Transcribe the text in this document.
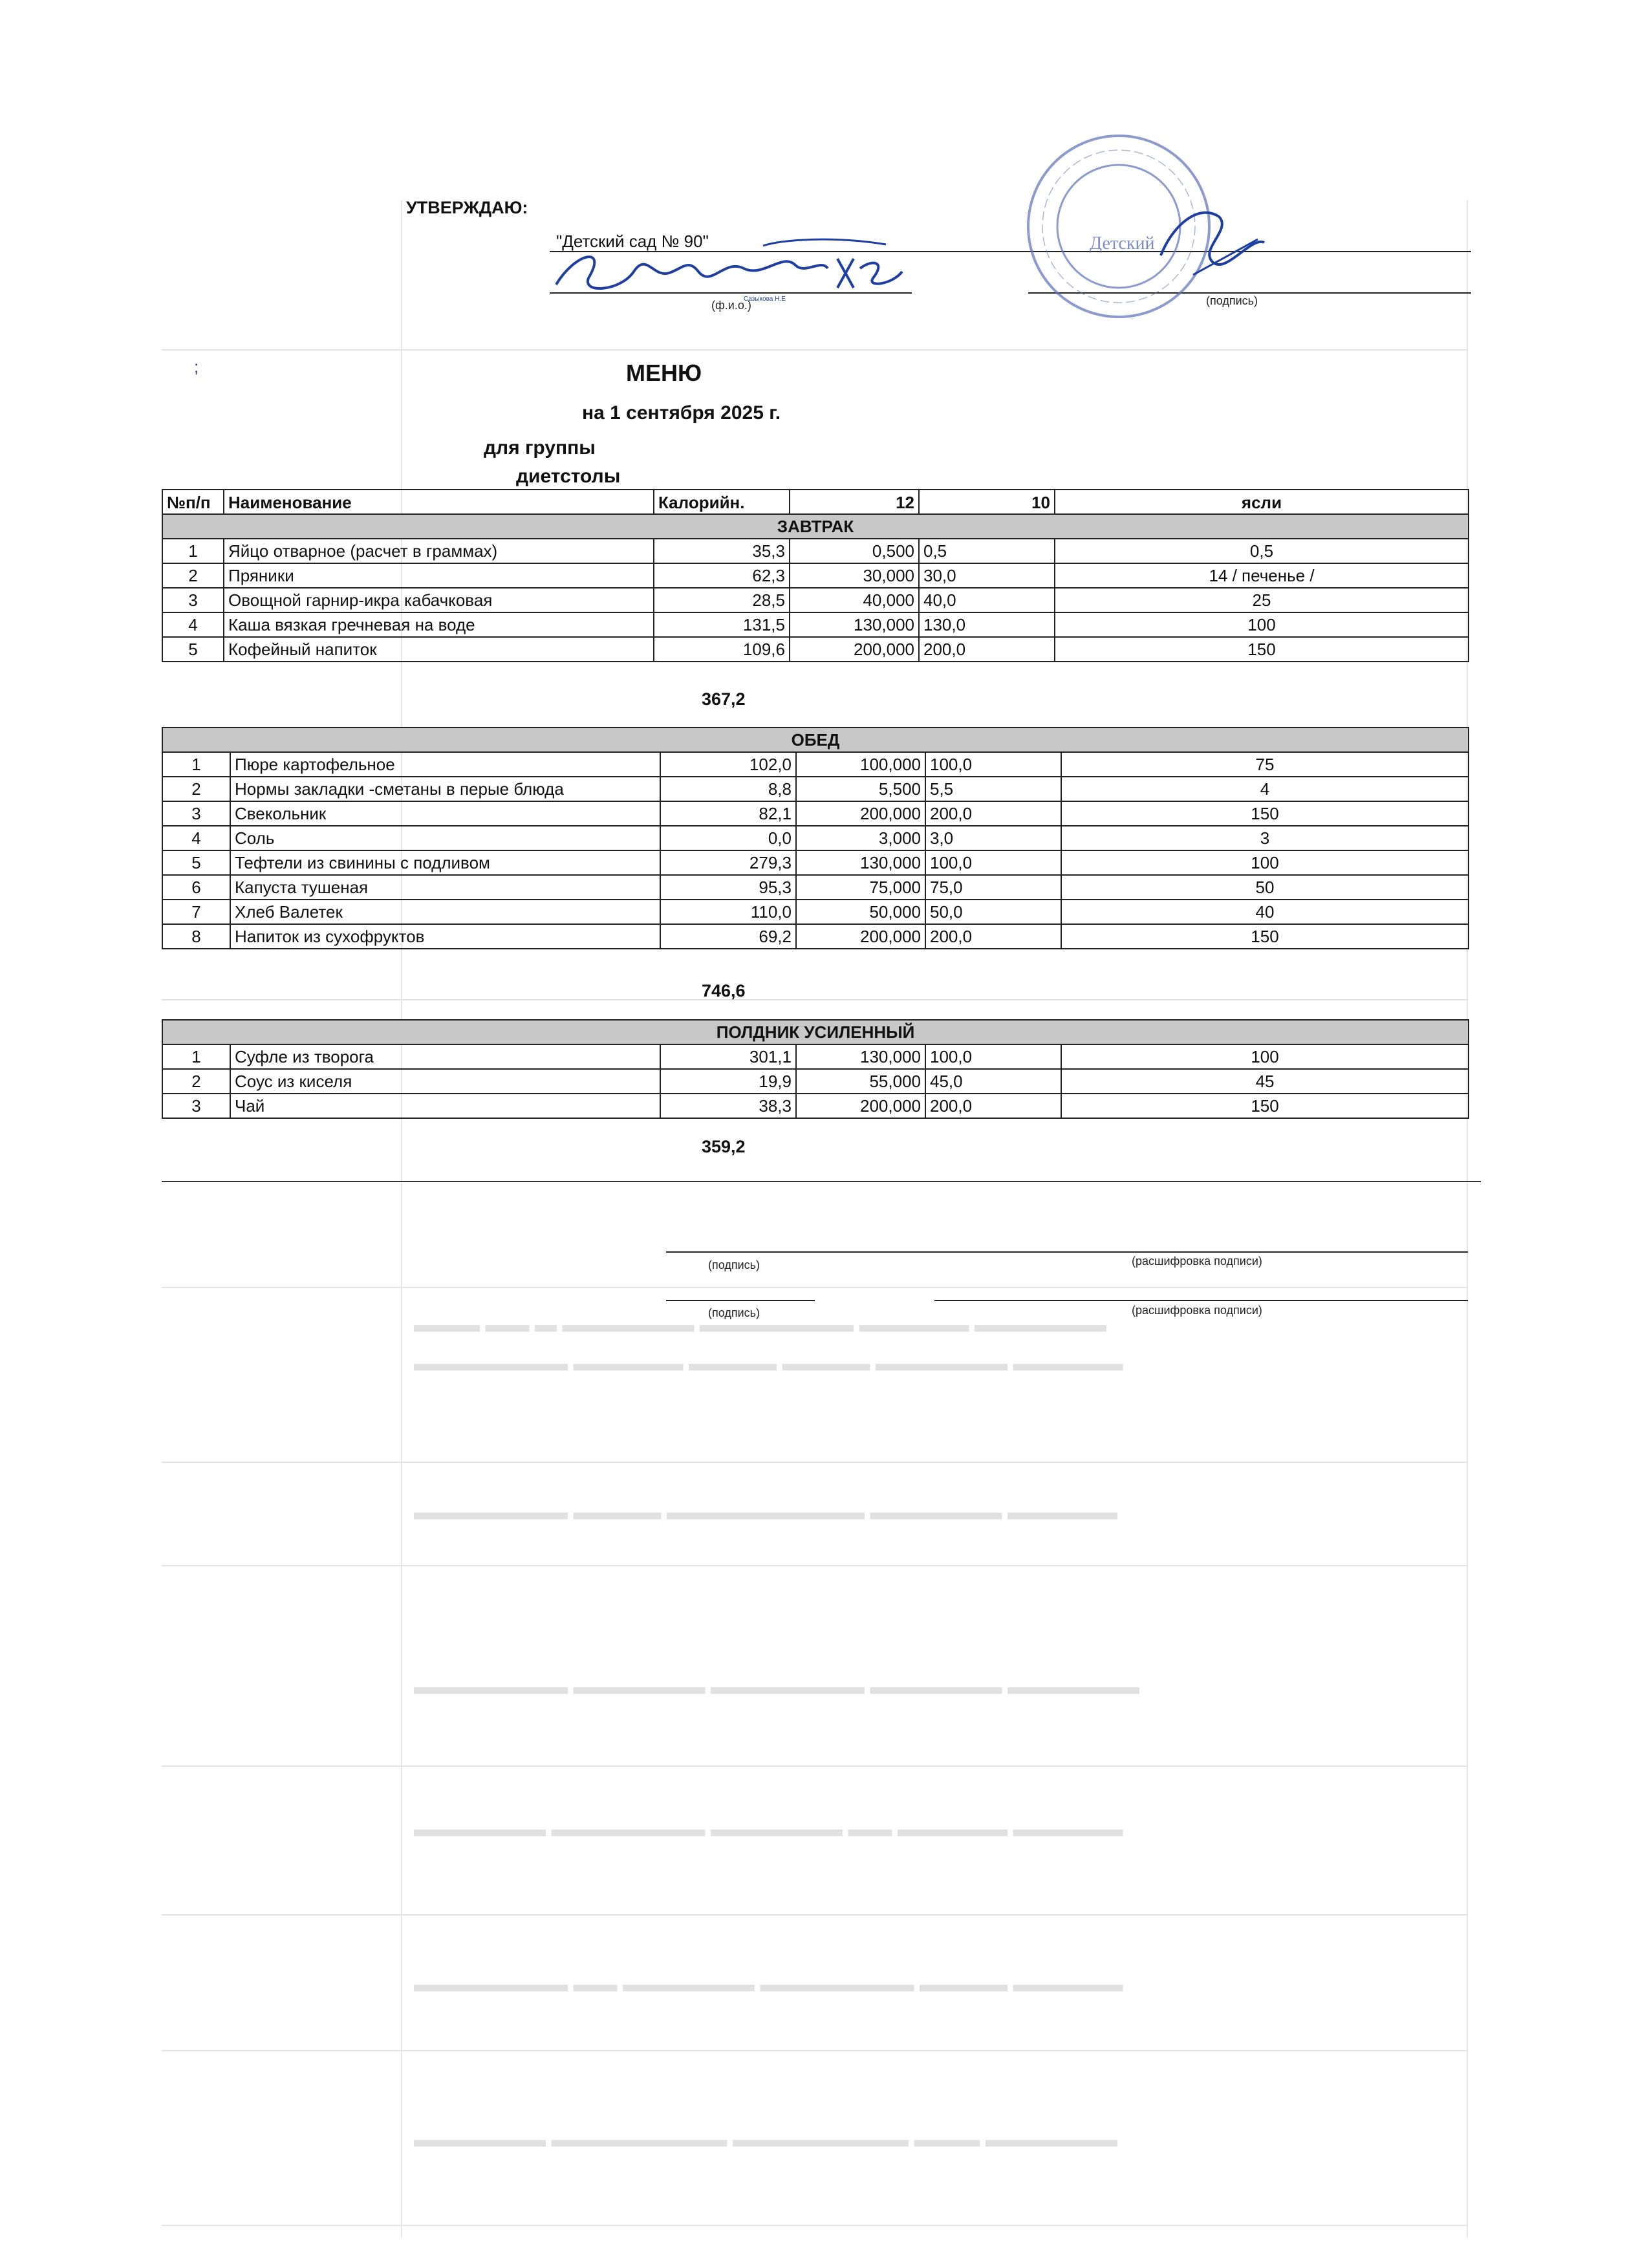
▬▬▬ ▬▬ ▬ ▬▬▬▬▬▬ ▬▬▬▬▬▬▬ ▬▬▬▬▬ ▬▬▬▬▬▬
▬▬▬▬▬▬▬ ▬▬▬▬▬ ▬▬▬▬ ▬▬▬▬ ▬▬▬▬▬▬ ▬▬▬▬▬
▬▬▬▬▬▬▬ ▬▬▬▬ ▬▬▬▬▬▬▬▬▬ ▬▬▬▬▬▬ ▬▬▬▬▬
▬▬▬▬▬▬▬ ▬▬▬▬▬▬ ▬▬▬▬▬▬▬ ▬▬▬▬▬▬ ▬▬▬▬▬▬
▬▬▬▬▬▬ ▬▬▬▬▬▬▬ ▬▬▬▬▬▬ ▬▬ ▬▬▬▬▬ ▬▬▬▬▬
▬▬▬▬▬▬▬ ▬▬ ▬▬▬▬▬▬ ▬▬▬▬▬▬▬ ▬▬▬▬ ▬▬▬▬▬
▬▬▬▬▬▬ ▬▬▬▬▬▬▬▬ ▬▬▬▬▬▬▬▬ ▬▬▬ ▬▬▬▬▬▬
УТВЕРЖДАЮ:
"Детский сад № 90"
Сазыкова Н.Е
(ф.и.о.)	(подпись)
Детский
;	МЕНЮ
на 1 сентября 2025 г.
для группы
диетстолы
№п/п	Наименование	Калорийн.	12	10	ясли
ЗАВТРАК					
1	Яйцо отварное (расчет в граммах)	35,3	0,500	0,5	0,5
2	Пряники	62,3	30,000	30,0	14 / печенье /
3	Овощной гарнир-икра кабачковая	28,5	40,000	40,0	25
4	Каша вязкая гречневая на воде	131,5	130,000	130,0	100
5	Кофейный напиток	109,6	200,000	200,0	150
367,2
ОБЕД					
1	Пюре картофельное	102,0	100,000	100,0	75
2	Нормы закладки -сметаны в перые блюда	8,8	5,500	5,5	4
3	Свекольник	82,1	200,000	200,0	150
4	Соль	0,0	3,000	3,0	3
5	Тефтели из свинины с подливом	279,3	130,000	100,0	100
6	Капуста тушеная	95,3	75,000	75,0	50
7	Хлеб Валетек	110,0	50,000	50,0	40
8	Напиток из сухофруктов	69,2	200,000	200,0	150
746,6
ПОЛДНИК УСИЛЕННЫЙ					
1	Суфле из творога	301,1	130,000	100,0	100
2	Соус из киселя	19,9	55,000	45,0	45
3	Чай	38,3	200,000	200,0	150
359,2
(подпись)	(расшифровка подписи)
(подпись)	(расшифровка подписи)
